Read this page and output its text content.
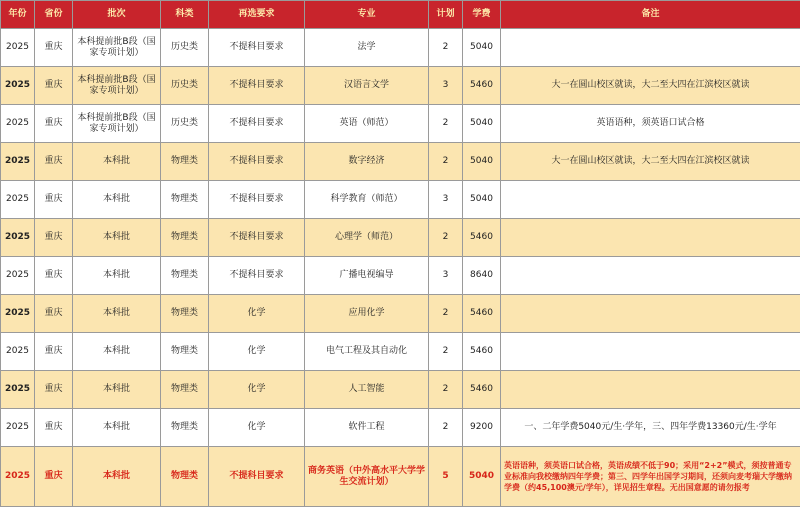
年份	省份	批次	科类	再选要求	专业	计划	学费	备注
2025	重庆	本科提前批B段（国家专项计划）	历史类	不提科目要求	法学	2	5040	
2025	重庆	本科提前批B段（国家专项计划）	历史类	不提科目要求	汉语言文学	3	5460	大一在圆山校区就读，大二至大四在江滨校区就读
2025	重庆	本科提前批B段（国家专项计划）	历史类	不提科目要求	英语（师范）	2	5040	英语语种，须英语口试合格
2025	重庆	本科批	物理类	不提科目要求	数字经济	2	5040	大一在圆山校区就读，大二至大四在江滨校区就读
2025	重庆	本科批	物理类	不提科目要求	科学教育（师范）	3	5040	
2025	重庆	本科批	物理类	不提科目要求	心理学（师范）	2	5460	
2025	重庆	本科批	物理类	不提科目要求	广播电视编导	3	8640	
2025	重庆	本科批	物理类	化学	应用化学	2	5460	
2025	重庆	本科批	物理类	化学	电气工程及其自动化	2	5460	
2025	重庆	本科批	物理类	化学	人工智能	2	5460	
2025	重庆	本科批	物理类	化学	软件工程	2	9200	一、二年学费5040元/生·学年，三、四年学费13360元/生·学年
2025	重庆	本科批	物理类	不提科目要求	商务英语（中外高水平大学学生交流计划）	5	5040	英语语种，须英语口试合格，英语成绩不低于90；采用“2+2”模式，须按普通专业标准向我校缴纳四年学费；第三、四学年出国学习期间，还须向麦考瑞大学缴纳学费（约45,100澳元/学年），详见招生章程。无出国意愿的请勿报考
